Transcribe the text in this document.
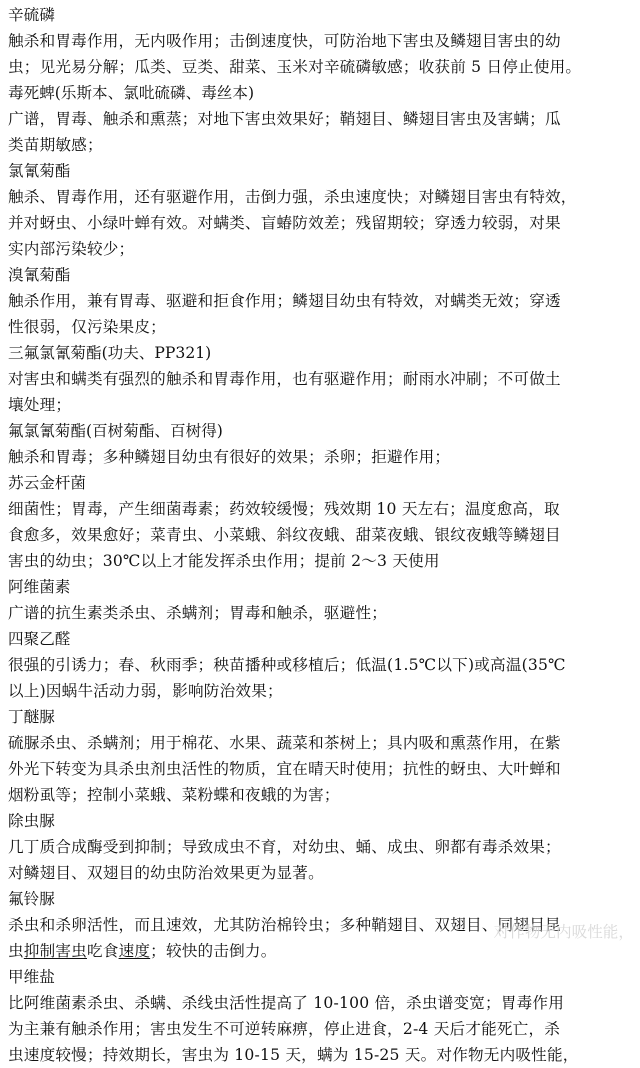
辛硫磷
触杀和胃毒作用，无内吸作用；击倒速度快，可防治地下害虫及鳞翅目害虫的幼
虫；见光易分解；瓜类、豆类、甜菜、玉米对辛硫磷敏感；收获前 5 日停止使用。
毒死蜱(乐斯本、氯吡硫磷、毒丝本)
广谱，胃毒、触杀和熏蒸；对地下害虫效果好；鞘翅目、鳞翅目害虫及害螨；瓜
类苗期敏感；
氯氰菊酯
触杀、胃毒作用，还有驱避作用，击倒力强，杀虫速度快；对鳞翅目害虫有特效，
并对蚜虫、小绿叶蝉有效。对螨类、盲蝽防效差；残留期较；穿透力较弱，对果
实内部污染较少；
溴氰菊酯
触杀作用，兼有胃毒、驱避和拒食作用；鳞翅目幼虫有特效，对螨类无效；穿透
性很弱，仅污染果皮；
三氟氯氰菊酯(功夫、PP321)
对害虫和螨类有强烈的触杀和胃毒作用，也有驱避作用；耐雨水冲刷；不可做土
壤处理；
氟氯氰菊酯(百树菊酯、百树得)
触杀和胃毒；多种鳞翅目幼虫有很好的效果；杀卵；拒避作用；
苏云金杆菌
细菌性；胃毒，产生细菌毒素；药效较缓慢；残效期 10 天左右；温度愈高，取
食愈多，效果愈好；菜青虫、小菜蛾、斜纹夜蛾、甜菜夜蛾、银纹夜蛾等鳞翅目
害虫的幼虫；30℃以上才能发挥杀虫作用；提前 2～3 天使用
阿维菌素
广谱的抗生素类杀虫、杀螨剂；胃毒和触杀，驱避性；
四聚乙醛
很强的引诱力；春、秋雨季；秧苗播种或移植后；低温(1.5℃以下)或高温(35℃
以上)因蜗牛活动力弱，影响防治效果；
丁醚脲
硫脲杀虫、杀螨剂；用于棉花、水果、蔬菜和茶树上；具内吸和熏蒸作用，在紫
外光下转变为具杀虫剂虫活性的物质，宜在晴天时使用；抗性的蚜虫、大叶蝉和
烟粉虱等；控制小菜蛾、菜粉蝶和夜蛾的为害；
除虫脲
几丁质合成酶受到抑制；导致成虫不育，对幼虫、蛹、成虫、卵都有毒杀效果；
对鳞翅目、双翅目的幼虫防治效果更为显著。
氟铃脲
杀虫和杀卵活性，而且速效，尤其防治棉铃虫；多种鞘翅目、双翅目、同翅目昆
虫抑制害虫吃食速度；较快的击倒力。
甲维盐
比阿维菌素杀虫、杀螨、杀线虫活性提高了 10-100 倍，杀虫谱变宽；胃毒作用
为主兼有触杀作用；害虫发生不可逆转麻痹，停止进食，2-4 天后才能死亡，杀
虫速度较慢；持效期长，害虫为 10-15 天，螨为 15-25 天。对作物无内吸性能，
对作物无内吸性能，
